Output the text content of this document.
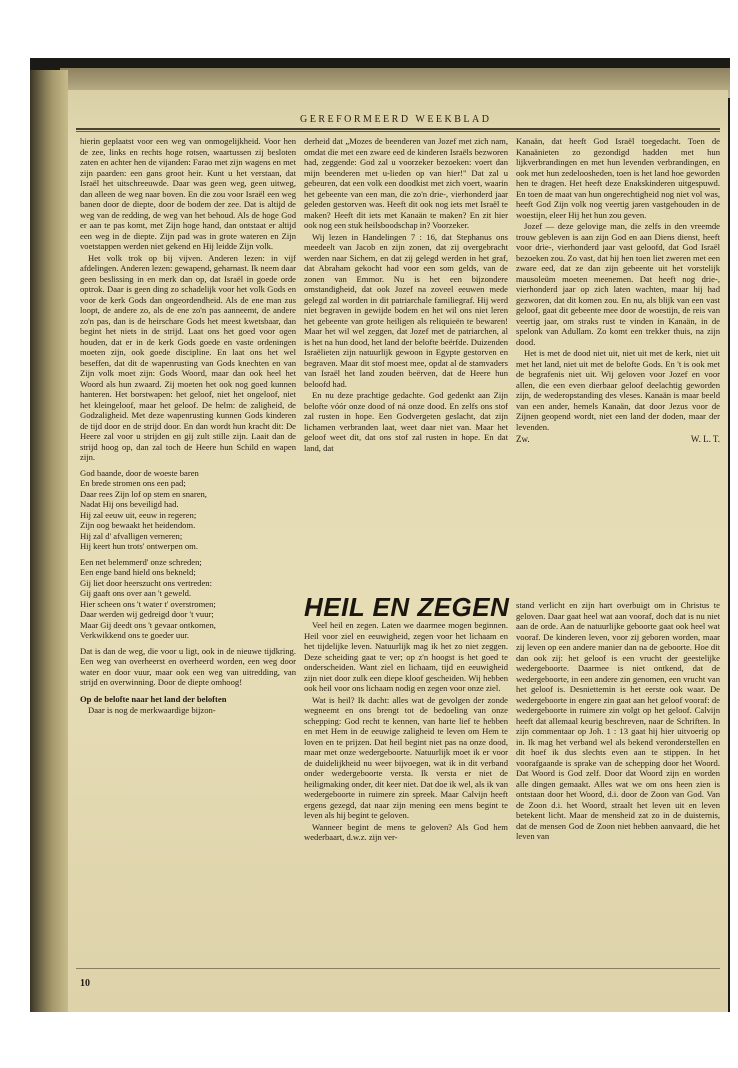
GEREFORMEERD WEEKBLAD

hierin geplaatst voor een weg van onmogelijkheid. Voor hen de zee, links en rechts hoge rotsen, waartussen zij besloten zaten en achter hen de vijanden: Farao met zijn wagens en met zijn paarden: een gans groot heir. Kunt u het verstaan, dat Israël het uitschreeuwde. Daar was geen weg, geen uitweg, dan alleen de weg naar boven. En die zou voor Israël een weg banen door de diepte, door de bodem der zee. Dat is altijd de weg van de redding, de weg van het behoud. Als de hoge God er aan te pas komt, met Zijn hoge hand, dan ontstaat er altijd een weg in de diepte. Zijn pad was in grote wateren en Zijn voetstappen werden niet gekend en Hij leidde Zijn volk.

Het volk trok op bij vijven. Anderen lezen: in vijf afdelingen. Anderen lezen: gewapend, geharnast. Ik neem daar geen beslissing in en merk dan op, dat Israël in goede orde optrok. Daar is geen ding zo schadelijk voor het volk Gods en voor de kerk Gods dan ongeordendheid. Als de ene man zus loopt, de andere zo, als de ene zo'n pas aanneemt, de andere zo'n pas, dan is de heirschare Gods het meest kwetsbaar, dan begint het niets in de strijd. Laat ons het goed voor ogen houden, dat er in de kerk Gods goede en vaste ordeningen moeten zijn, ook goede discipline. En laat ons het wel beseffen, dat dit de wapenrusting van Gods knechten en van Zijn volk moet zijn: Gods Woord, maar dan ook heel het Woord als hun zwaard. Zij moeten het ook nog goed kunnen hanteren. Het borstwapen: het geloof, niet het ongeloof, niet het kleingeloof, maar het geloof. De helm: de zaligheid, de Godzaligheid. Met deze wapenrusting kunnen Gods kinderen de tijd door en de strijd door. En dan wordt hun kracht dit: De Heere zal voor u strijden en gij zult stille zijn. Laait dan de strijd hoog op, dan zal toch de Heere hun Schild en wapen zijn.

God baande, door de woeste baren
En brede stromen ons een pad;
Daar rees Zijn lof op stem en snaren,
Nadat Hij ons beveiligd had.
Hij zal eeuw uit, eeuw in regeren;
Zijn oog bewaakt het heidendom.
Hij zal d' afvalligen verneren;
Hij keert hun trots' ontwerpen om.
Een net belemmerd' onze schreden;
Een enge band hield ons bekneld;
Gij liet door heerszucht ons vertreden:
Gij gaaft ons over aan 't geweld.
Hier scheen ons 't water t' overstromen;
Daar werden wij gedreigd door 't vuur;
Maar Gij deedt ons 't gevaar ontkomen,
Verkwikkend ons te goeder uur.

Dat is dan de weg, die voor u ligt, ook in de nieuwe tijdkring. Een weg van overheerst en overheerd worden, een weg door water en door vuur, maar ook een weg van uitredding, van strijd en overwinning. Door de diepte omhoog!

Op de belofte naar het land der beloften

Daar is nog de merkwaardige bijzon-

derheid dat „Mozes de beenderen van Jozef met zich nam, omdat die met een zware eed de kinderen Israëls bezworen had, zeggende: God zal u voorzeker bezoeken: voert dan mijn beenderen met u-lieden op van hier!" Dat zal u gebeuren, dat een volk een doodkist met zich voert, waarin het gebeente van een man, die zo'n drie-, vierhonderd jaar geleden gestorven was. Heeft dit ook nog iets met Israël te maken? Heeft dit iets met Kanaän te maken? En zit hier ook nog een stuk heilsboodschap in? Voorzeker.

Wij lezen in Handelingen 7 : 16, dat Stephanus ons meedeelt van Jacob en zijn zonen, dat zij overgebracht werden naar Sichem, en dat zij gelegd werden in het graf, dat Abraham gekocht had voor een som gelds, van de zonen van Emmor. Nu is het een bijzondere omstandigheid, dat ook Jozef na zoveel eeuwen mede gelegd zal worden in dit patriarchale familiegraf. Hij werd niet begraven in gewijde bodem en het wil ons niet leren het gebeente van grote heiligen als reliquieën te bewaren! Maar het wil wel zeggen, dat Jozef met de patriarchen, al is het na hun dood, het land der belofte beërfde. Duizenden Israëlieten zijn natuurlijk gewoon in Egypte gestorven en begraven. Maar dit stof moest mee, opdat al de stamvaders van Israël het land zouden beërven, dat de Heere hun beloofd had.

En nu deze prachtige gedachte. God gedenkt aan Zijn belofte vóór onze dood of ná onze dood. En zelfs ons stof zal rusten in hope. Een Godvergeten geslacht, dat zijn lichamen verbranden laat, weet daar niet van. Maar het geloof weet dit, dat ons stof zal rusten in hope. En dat land, dat

Kanaän, dat heeft God Israël toegedacht. Toen de Kanaänieten zo gezondigd hadden met hun lijkverbrandingen en met hun levenden verbrandingen, en ook met hun zedeloosheden, toen is het land hoe geworden hen te dragen. Het heeft deze Enakskinderen uitgespuwd. En toen de maat van hun ongerechtigheid nog niet vol was, heeft God Zijn volk nog veertig jaren vastgehouden in de woestijn, eleer Hij het hun zou geven.

Jozef — deze gelovige man, die zelfs in den vreemde trouw gebleven is aan zijn God en aan Diens dienst, heeft voor drie-, vierhonderd jaar vast geloofd, dat God Israël bezoeken zou. Zo vast, dat hij hen toen liet zweren met een zware eed, dat ze dan zijn gebeente uit het vorstelijk mausoleüm moeten meenemen. Dat heeft nog drie-, vierhonderd jaar op zich laten wachten, maar hij had gezworen, dat dit komen zou. En nu, als blijk van een vast geloof, gaat dit gebeente mee door de woestijn, de reis van veertig jaar, om straks rust te vinden in Kanaän, in de spelonk van Adullam. Zo komt een trekker thuis, na zijn dood.

Het is met de dood niet uit, niet uit met de kerk, niet uit met het land, niet uit met de belofte Gods. En 't is ook met de begrafenis niet uit. Wij geloven voor Jozef en voor allen, die een even dierbaar geloof deelachtig geworden zijn, de wederopstanding des vleses. Kanaän is maar beeld van een ander, hemels Kanaän, dat door Jezus voor de Zijnen geopend wordt, niet een land der doden, maar der levenden.

Zw.	W. L. T.
HEIL EN ZEGEN

Veel heil en zegen. Laten we daarmee mogen beginnen. Heil voor ziel en eeuwigheid, zegen voor het lichaam en het tijdelijke leven. Natuurlijk mag ik het zo niet zeggen. Deze scheiding gaat te ver; op z'n hoogst is het goed te onderscheiden. Want ziel en lichaam, tijd en eeuwigheid zijn niet door zulk een diepe kloof gescheiden. Wij hebben ook heil voor ons lichaam nodig en zegen voor onze ziel.

Wat is heil? Ik dacht: alles wat de gevolgen der zonde wegneemt en ons brengt tot de bedoeling van onze schepping: God recht te kennen, van harte lief te hebben en met Hem in de eeuwige zaligheid te leven om Hem te loven en te prijzen. Dat heil begint niet pas na onze dood, maar met onze wedergeboorte. Natuurlijk moet ik er voor de duidelijkheid nu weer bijvoegen, wat ik in dit verband onder wedergeboorte versta. Ik versta er niet de heiligmaking onder, dit keer niet. Dat doe ik wel, als ik van wedergeboorte in ruimere zin spreek. Maar Calvijn heeft ergens gezegd, dat naar zijn mening een mens begint te leven als hij begint te geloven.

Wanneer begint de mens te geloven? Als God hem wederbaart, d.w.z. zijn ver-

stand verlicht en zijn hart overbuigt om in Christus te geloven. Daar gaat heel wat aan vooraf, doch dat is nu niet aan de orde. Aan de natuurlijke geboorte gaat ook heel wat vooraf. De kinderen leven, voor zij geboren worden, maar zij leven op een andere manier dan na de geboorte. Hoe dit dan ook zij: het geloof is een vrucht der geestelijke wedergeboorte. Daarmee is niet ontkend, dat de wedergeboorte, in een andere zin genomen, een vrucht van het geloof is. Desniettemin is het eerste ook waar. De wedergeboorte in engere zin gaat aan het geloof vooraf: de wedergeboorte in ruimere zin volgt op het geloof. Calvijn heeft dat allemaal keurig beschreven, naar de Schriften. In zijn commentaar op Joh. 1 : 13 gaat hij hier uitvoerig op in. Ik mag het verband wel als bekend veronderstellen en dit hoef ik dus slechts even aan te stippen. In het voorafgaande is sprake van de schepping door het Woord. Dat Woord is God zelf. Door dat Woord zijn en worden alle dingen gemaakt. Alles wat we om ons heen zien is ontstaan door het Woord, d.i. door de Zoon van God. Van de Zoon d.i. het Woord, straalt het leven uit en leven betekent licht. Maar de mensheid zat zo in de duisternis, dat de mensen God de Zoon niet hebben aanvaard, die het leven van

10
